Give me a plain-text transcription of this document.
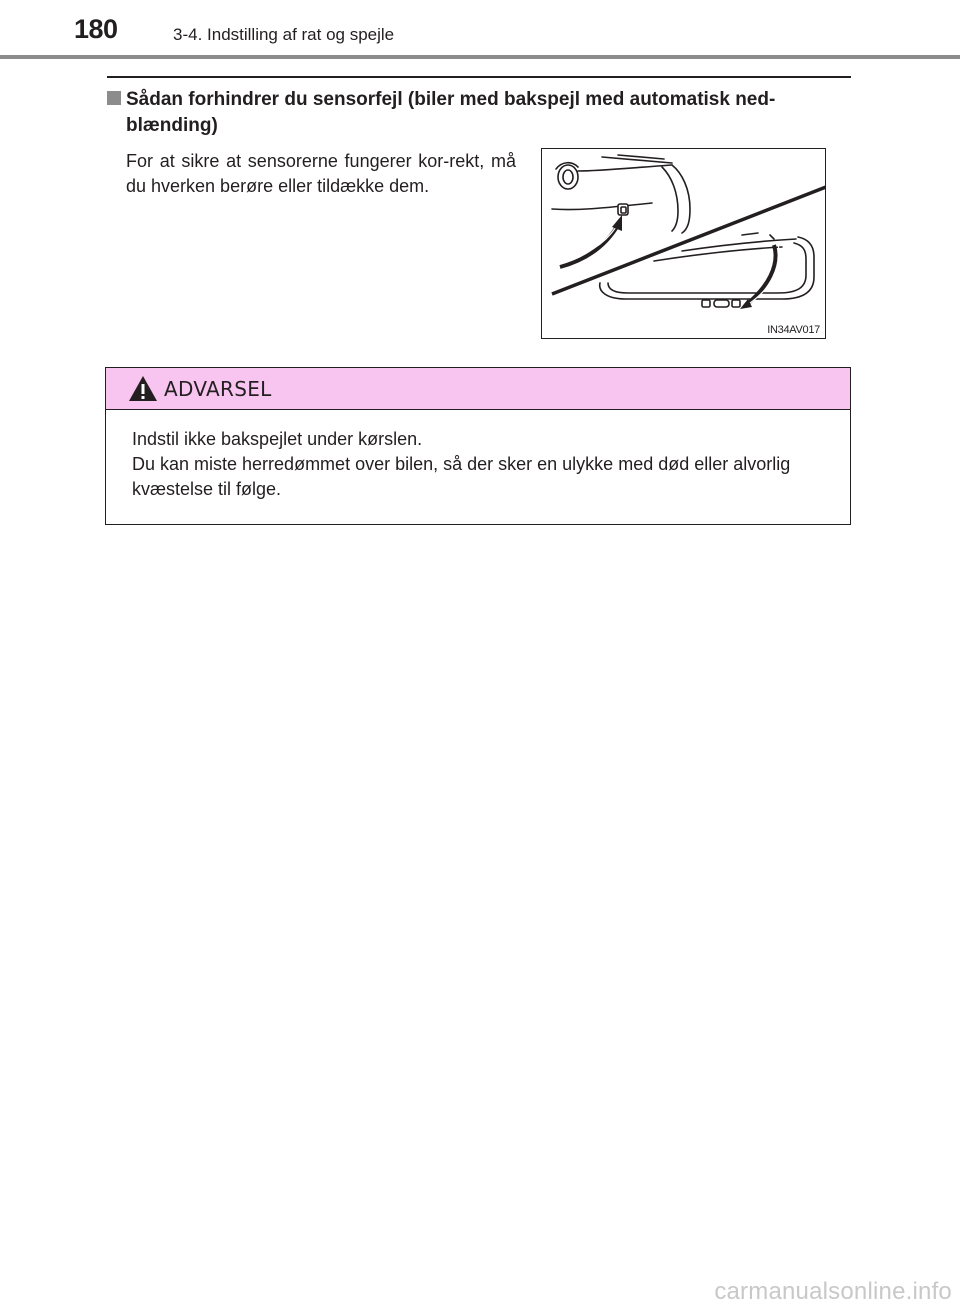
180	3-4. Indstilling af rat og spejle
Sådan forhindrer du sensorfejl (biler med bakspejl med automatisk ned-
blænding)
For at sikre at sensorerne fungerer kor-rekt, må du hverken berøre eller tildække dem.
IN34AV017
ADVARSEL

Indstil ikke bakspejlet under kørslen.

Du kan miste herredømmet over bilen, så der sker en ulykke med død eller alvorlig kvæstelse til følge.

carmanualsonline.info
